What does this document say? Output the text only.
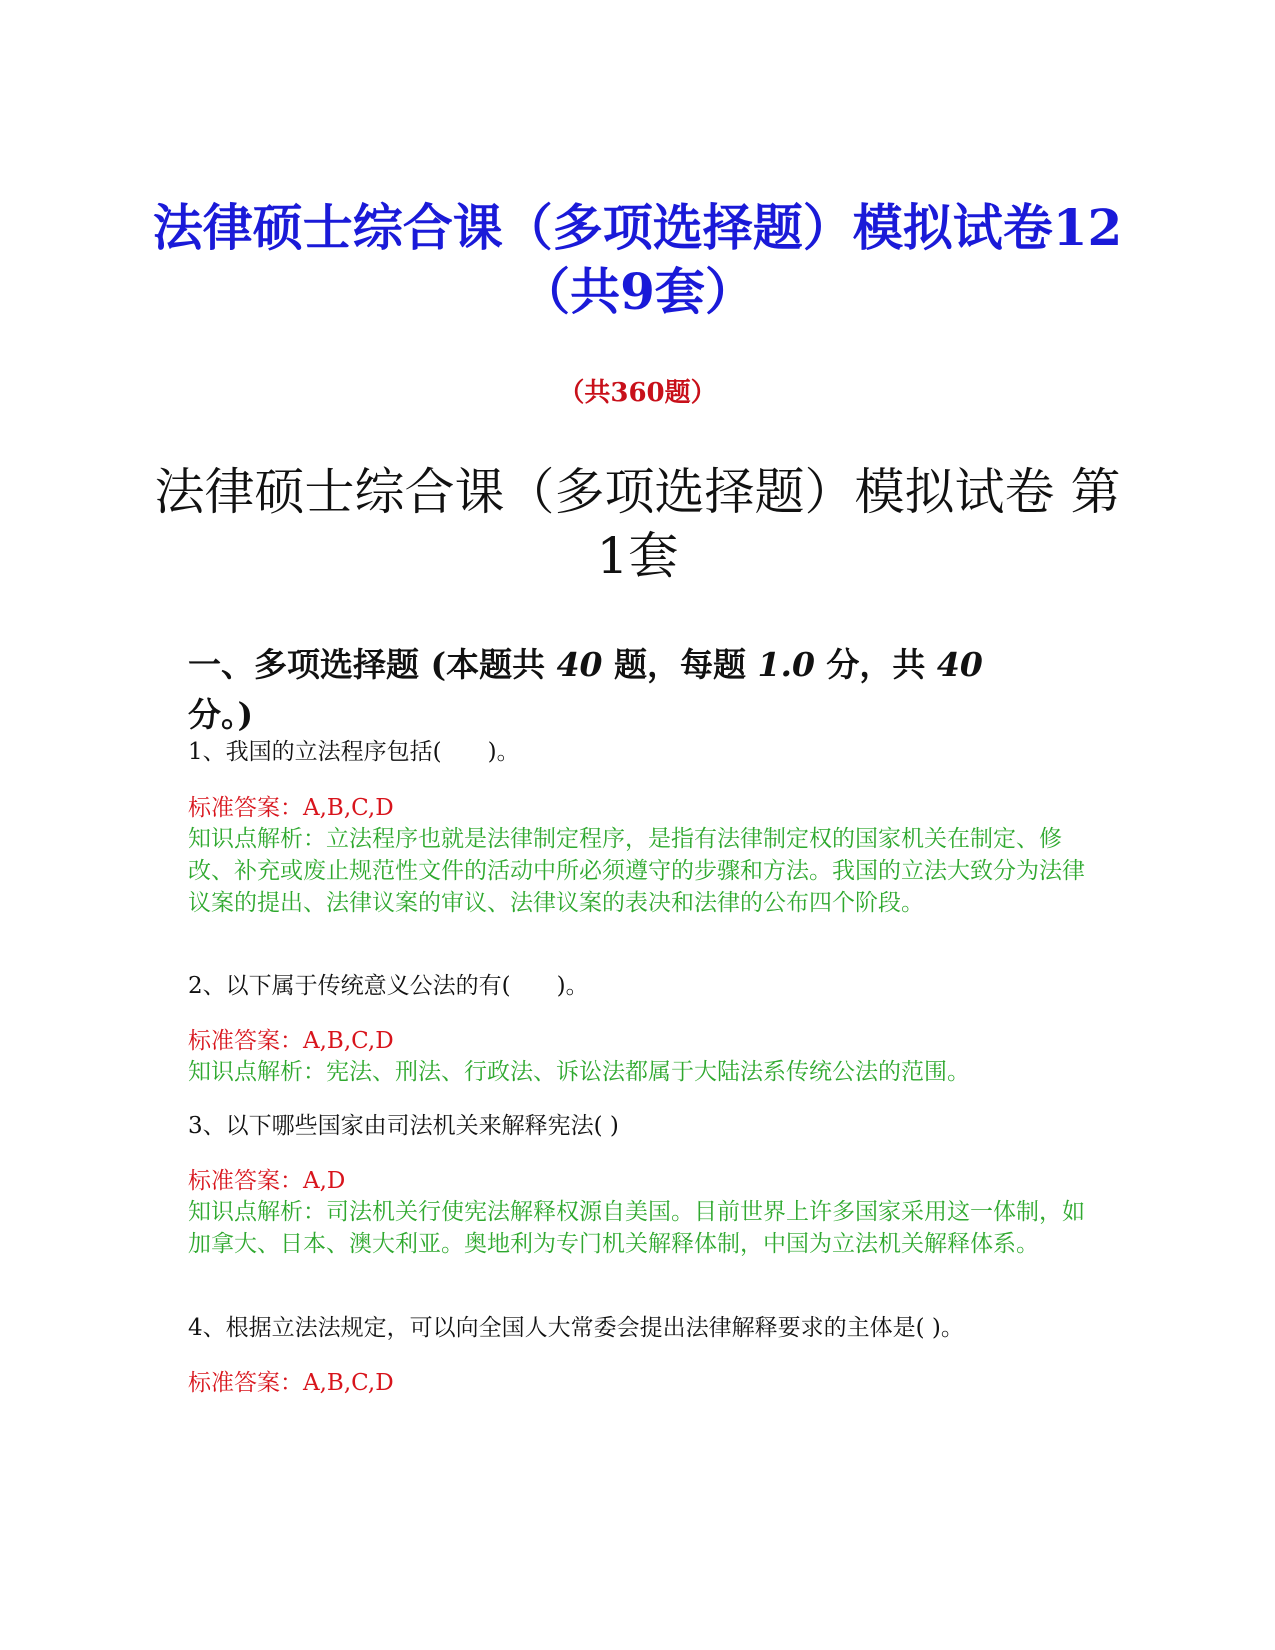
法律硕士综合课（多项选择题）模拟试卷12（共9套）
（共360题）
法律硕士综合课（多项选择题）模拟试卷 第1套
一、多项选择题 (本题共 40 题，每题 1.0 分，共 40 分。)
1、我国的立法程序包括(　　)。
标准答案：A,B,C,D
知识点解析：立法程序也就是法律制定程序，是指有法律制定权的国家机关在制定、修改、补充或废止规范性文件的活动中所必须遵守的步骤和方法。我国的立法大致分为法律议案的提出、法律议案的审议、法律议案的表决和法律的公布四个阶段。
2、以下属于传统意义公法的有(　　)。
标准答案：A,B,C,D
知识点解析：宪法、刑法、行政法、诉讼法都属于大陆法系传统公法的范围。
3、以下哪些国家由司法机关来解释宪法( )
标准答案：A,D
知识点解析：司法机关行使宪法解释权源自美国。目前世界上许多国家采用这一体制，如加拿大、日本、澳大利亚。奥地利为专门机关解释体制，中国为立法机关解释体系。
4、根据立法法规定，可以向全国人大常委会提出法律解释要求的主体是( )。
标准答案：A,B,C,D
